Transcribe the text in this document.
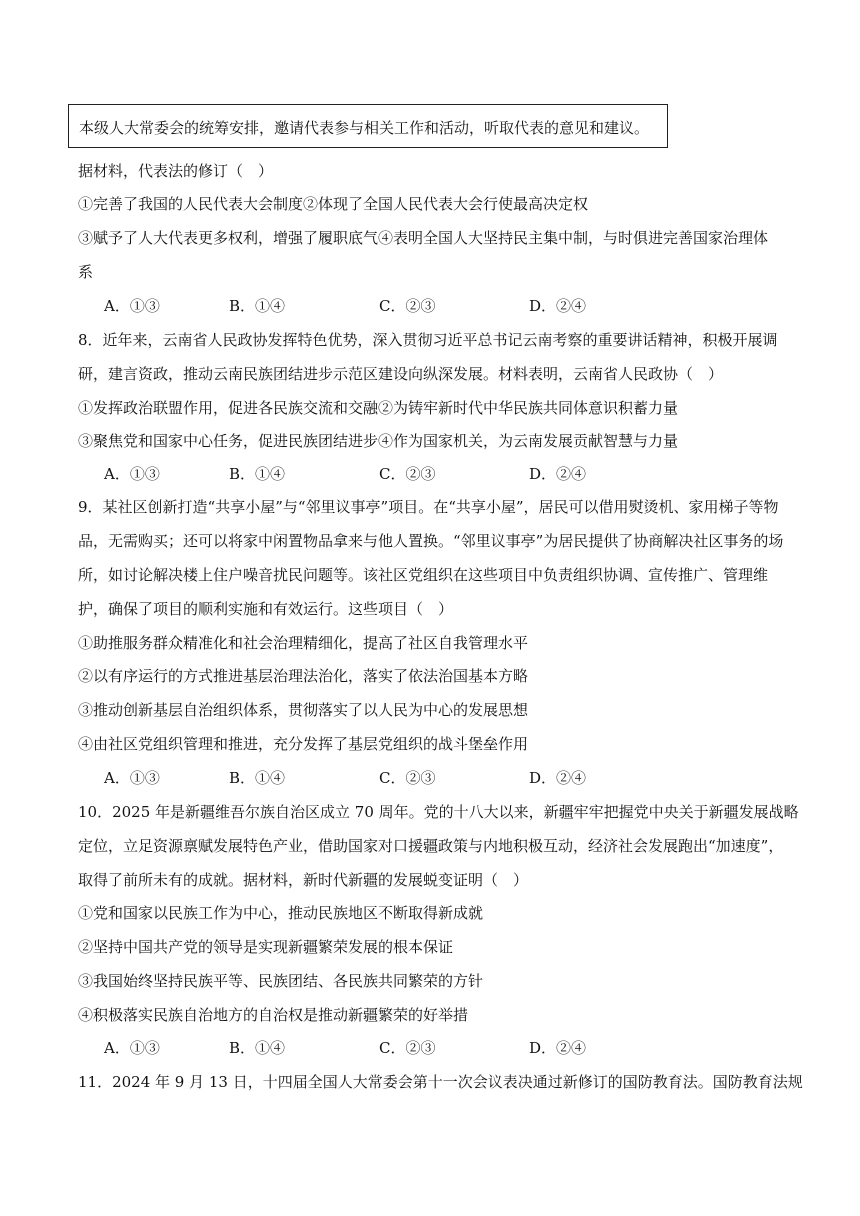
本级人大常委会的统筹安排，邀请代表参与相关工作和活动，听取代表的意见和建议。
据材料，代表法的修订（　）
①完善了我国的人民代表大会制度②体现了全国人民代表大会行使最高决定权
③赋予了人大代表更多权利，增强了履职底气④表明全国人大坚持民主集中制，与时俱进完善国家治理体
系
A．①③	B．①④	C．②③	D．②④
8．近年来，云南省人民政协发挥特色优势，深入贯彻习近平总书记云南考察的重要讲话精神，积极开展调
研，建言资政，推动云南民族团结进步示范区建设向纵深发展。材料表明，云南省人民政协（　）
①发挥政治联盟作用，促进各民族交流和交融②为铸牢新时代中华民族共同体意识积蓄力量
③聚焦党和国家中心任务，促进民族团结进步④作为国家机关，为云南发展贡献智慧与力量
A．①③	B．①④	C．②③	D．②④
9．某社区创新打造“共享小屋”与“邻里议事亭”项目。在“共享小屋”，居民可以借用熨烫机、家用梯子等物
品，无需购买；还可以将家中闲置物品拿来与他人置换。“邻里议事亭”为居民提供了协商解决社区事务的场
所，如讨论解决楼上住户噪音扰民问题等。该社区党组织在这些项目中负责组织协调、宣传推广、管理维
护，确保了项目的顺利实施和有效运行。这些项目（　）
①助推服务群众精准化和社会治理精细化，提高了社区自我管理水平
②以有序运行的方式推进基层治理法治化，落实了依法治国基本方略
③推动创新基层自治组织体系，贯彻落实了以人民为中心的发展思想
④由社区党组织管理和推进，充分发挥了基层党组织的战斗堡垒作用
A．①③	B．①④	C．②③	D．②④
10．2025 年是新疆维吾尔族自治区成立 70 周年。党的十八大以来，新疆牢牢把握党中央关于新疆发展战略
定位，立足资源禀赋发展特色产业，借助国家对口援疆政策与内地积极互动，经济社会发展跑出“加速度”，
取得了前所未有的成就。据材料，新时代新疆的发展蜕变证明（　）
①党和国家以民族工作为中心，推动民族地区不断取得新成就
②坚持中国共产党的领导是实现新疆繁荣发展的根本保证
③我国始终坚持民族平等、民族团结、各民族共同繁荣的方针
④积极落实民族自治地方的自治权是推动新疆繁荣的好举措
A．①③	B．①④	C．②③	D．②④
11．2024 年 9 月 13 日，十四届全国人大常委会第十一次会议表决通过新修订的国防教育法。国防教育法规
